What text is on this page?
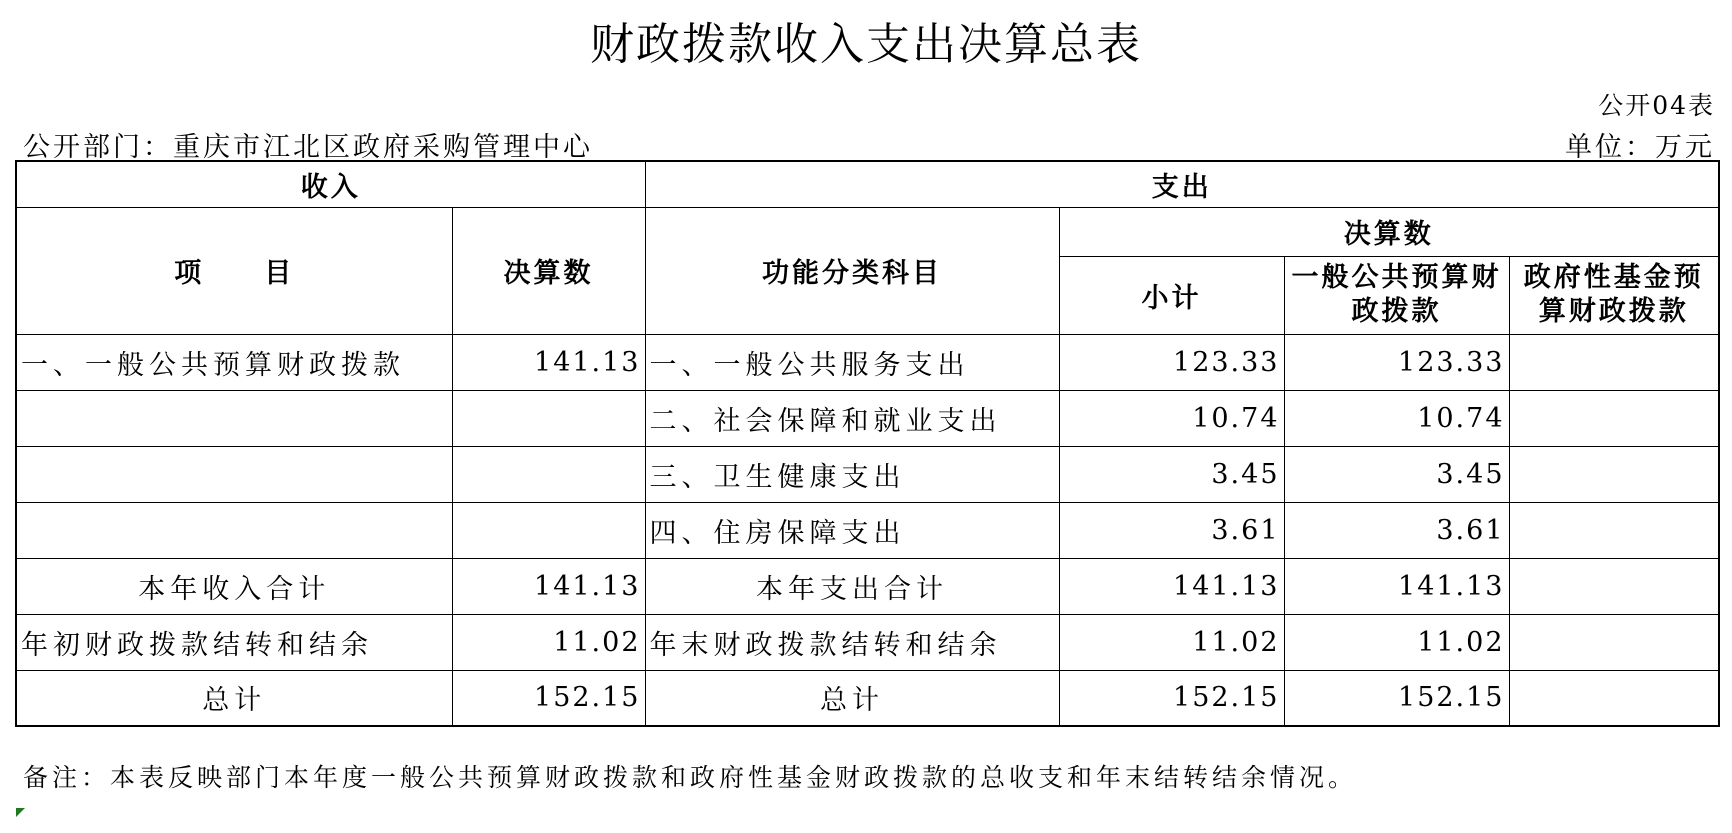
财政拨款收入支出决算总表
公开04表
公开部门：重庆市江北区政府采购管理中心	单位：万元
收入		支出			
项　　目	决算数	功能分类科目	决算数		
			小计	一般公共预算财政拨款	政府性基金预算财政拨款
一、一般公共预算财政拨款	141.13	一、一般公共服务支出	123.33	123.33	
		二、社会保障和就业支出	10.74	10.74	
		三、卫生健康支出	3.45	3.45	
		四、住房保障支出	3.61	3.61	
本年收入合计	141.13	本年支出合计	141.13	141.13	
年初财政拨款结转和结余	11.02	年末财政拨款结转和结余	11.02	11.02	
总计	152.15	总计	152.15	152.15	
备注：本表反映部门本年度一般公共预算财政拨款和政府性基金财政拨款的总收支和年末结转结余情况。
